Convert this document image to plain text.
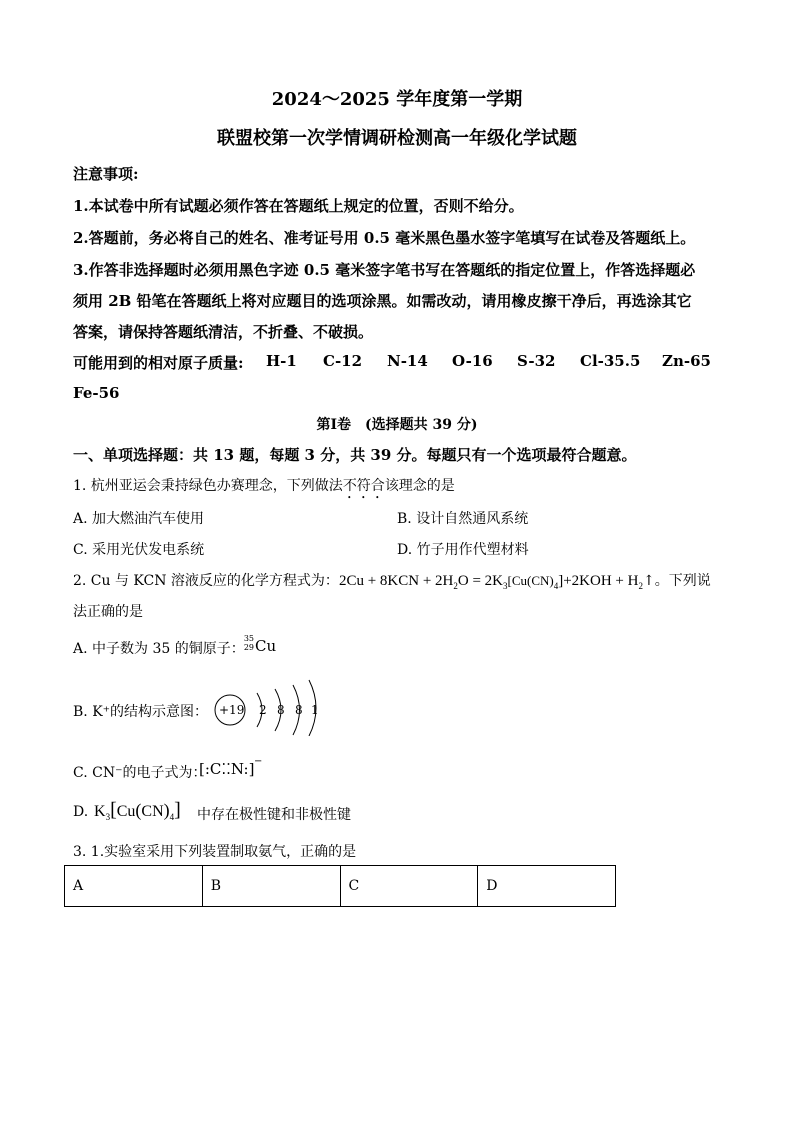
2024～2025 学年度第一学期
联盟校第一次学情调研检测高一年级化学试题
注意事项:
1.本试卷中所有试题必须作答在答题纸上规定的位置，否则不给分。
2.答题前，务必将自己的姓名、准考证号用 0.5 毫米黑色墨水签字笔填写在试卷及答题纸上。
3.作答非选择题时必须用黑色字迹 0.5 毫米签字笔书写在答题纸的指定位置上，作答选择题必
须用 2B 铅笔在答题纸上将对应题目的选项涂黑。如需改动，请用橡皮擦干净后，再选涂其它
答案，请保持答题纸清洁，不折叠、不破损。
可能用到的相对原子质量: H-1 C-12 N-14 O-16 S-32 Cl-35.5 Zn-65
Fe-56
第Ⅰ卷　(选择题共 39 分)
一、单项选择题：共 13 题，每题 3 分，共 39 分。每题只有一个选项最符合题意。
1. 杭州亚运会秉持绿色办赛理念，下列做法不符合该理念的是
A. 加大燃油汽车使用	B. 设计自然通风系统
C. 采用光伏发电系统	D. 竹子用作代塑材料
2. Cu 与 KCN 溶液反应的化学方程式为：$2Cu + 8KCN + 2H_2O = 2K_3[Cu(CN)_4]+2KOH$ + $H_2↑$。下列说
法正确的是
A. 中子数为 35 的铜原子：
35
29 Cu
B. K⁺的结构示意图： +19 2 8 8 1
C. CN⁻的电子式为：
[:C⁚⁚N:] −
D. $K_3[Cu(CN)_4]$ 中存在极性键和非极性键
3. 1.实验室采用下列装置制取氨气，正确的是
A	B	C	D
